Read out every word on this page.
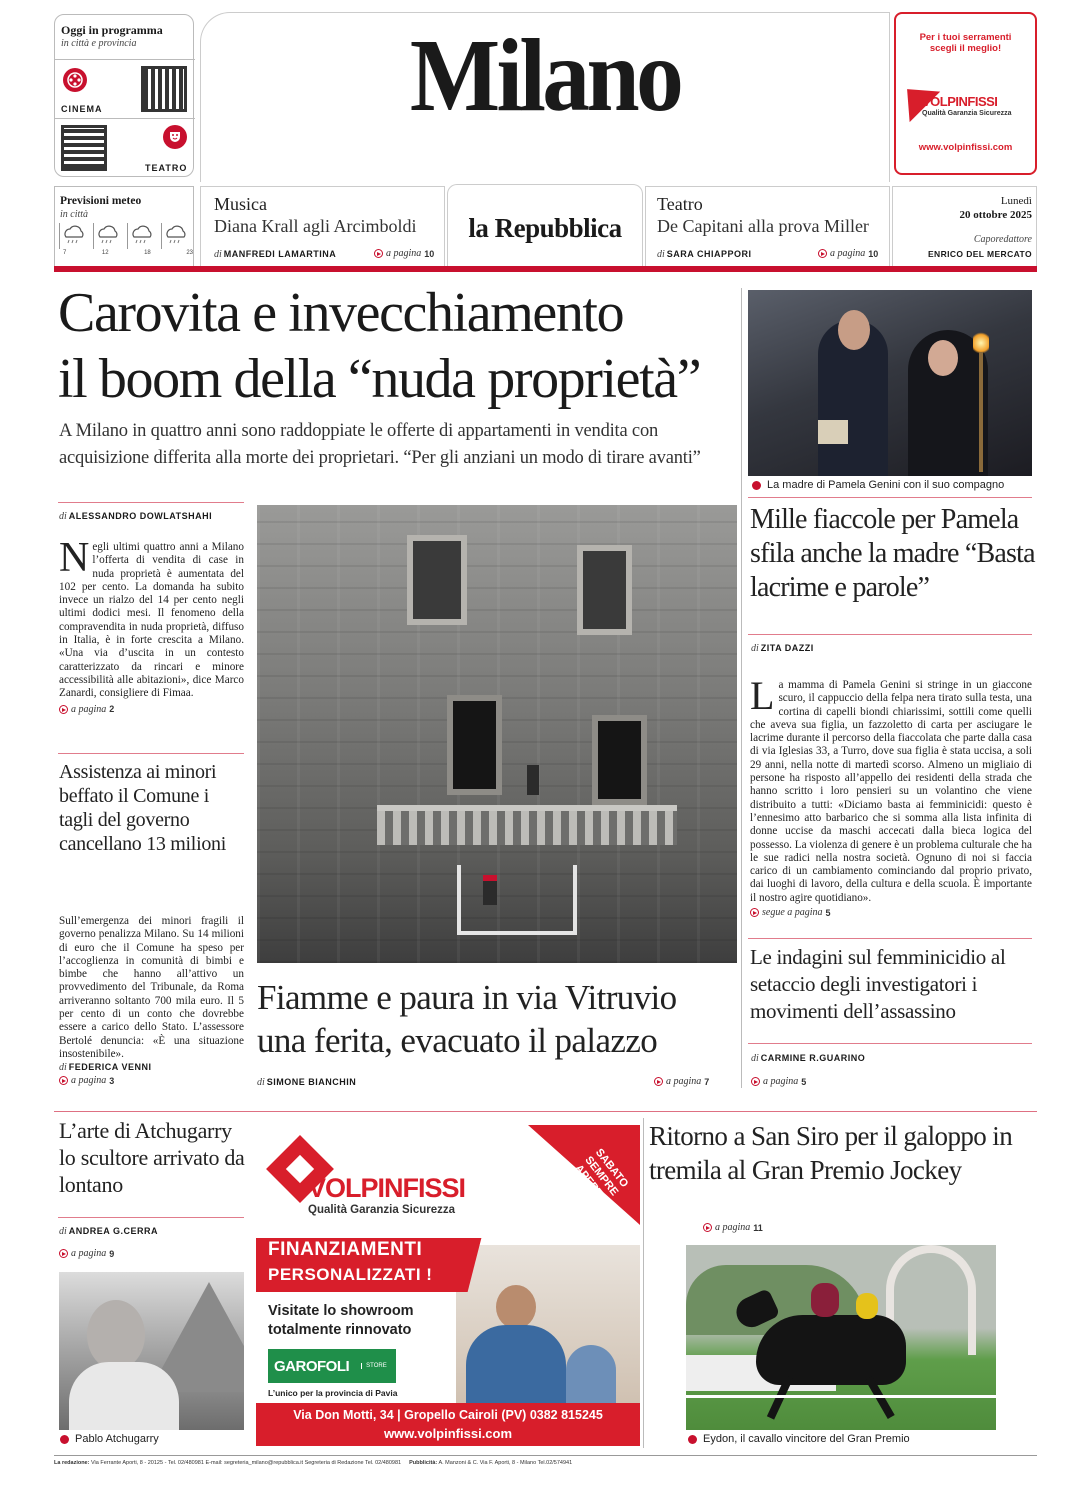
Oggi in programma
in città e provincia
CINEMA
TEATRO
Milano	Per i tuoi serramenti
scegli il meglio!
VOLPINFISSI
Qualità Garanzia Sicurezza
www.volpinfissi.com
Previsioni meteo
in città
7	12	18	23
Musica
Diana Krall agli Arcimboldi
di MANFREDI LAMARTINA	a pagina 10
la Repubblica
Teatro
De Capitani alla prova Miller
di SARA CHIAPPORI	a pagina 10
Lunedì
20 ottobre 2025
Caporedattore
ENRICO DEL MERCATO
Carovita e invecchiamento
il boom della “nuda proprietà”
A Milano in quattro anni sono raddoppiate le offerte di appartamenti in vendita con acquisizione differita alla morte dei proprietari. “Per gli anziani un modo di tirare avanti”
di ALESSANDRO DOWLATSHAHI
Negli ultimi quattro anni a Milano l’offerta di vendita di case in nuda proprietà è aumentata del 102 per cento. La domanda ha subito invece un rialzo del 14 per cento negli ultimi dodici mesi. Il fenomeno della compravendita in nuda proprietà, diffuso in Italia, è in forte crescita a Milano. «Una via d’uscita in un contesto caratterizzato da rincari e minore accessibilità alle abitazioni», dice Marco Zanardi, consigliere di Fimaa.
a pagina 2
Assistenza ai minori beffato il Comune i tagli del governo cancellano 13 milioni
Sull’emergenza dei minori fragili il governo penalizza Milano. Su 14 milioni di euro che il Comune ha speso per l’accoglienza in comunità di bimbi e bimbe che hanno all’attivo un provvedimento del Tribunale, da Roma arriveranno soltanto 700 mila euro. Il 5 per cento di un conto che dovrebbe essere a carico dello Stato. L’assessore Bertolé denuncia: «È una situazione insostenibile».
di FEDERICA VENNI
a pagina 3
Fiamme e paura in via Vitruvio una ferita, evacuato il palazzo
di SIMONE BIANCHIN	a pagina 7
La madre di Pamela Genini con il suo compagno
Mille fiaccole per Pamela sfila anche la madre “Basta lacrime e parole”
di ZITA DAZZI
La mamma di Pamela Genini si stringe in un giaccone scuro, il cappuccio della felpa nera tirato sulla testa, una cortina di capelli biondi chiarissimi, sottili come quelli che aveva sua figlia, un fazzoletto di carta per asciugare le lacrime durante il percorso della fiaccolata che parte dalla casa di via Iglesias 33, a Turro, dove sua figlia è stata uccisa, a soli 29 anni, nella notte di martedì scorso. Almeno un migliaio di persone ha risposto all’appello dei residenti della strada che hanno scritto i loro pensieri su un volantino che viene distribuito a tutti: «Diciamo basta ai femminicidi: questo è l’ennesimo atto barbarico che si somma alla lista infinita di donne uccise da maschi accecati dalla bieca logica del possesso. La violenza di genere è un problema culturale che ha le sue radici nella nostra società. Ognuno di noi si faccia carico di un cambiamento cominciando dal proprio privato, dai luoghi di lavoro, della cultura e della scuola. È importante il nostro agire quotidiano».
segue a pagina 5
Le indagini sul femminicidio al setaccio degli investigatori i movimenti dell’assassino
di CARMINE R.GUARINO
a pagina 5
L’arte di Atchugarry lo scultore arrivato da lontano
di ANDREA G.CERRA
a pagina 9
Pablo Atchugarry
SABATO SEMPRE APERTO
VOLPINFISSI
Qualità Garanzia Sicurezza
FINANZIAMENTI
PERSONALIZZATI !
Visitate lo showroom
totalmente rinnovato
GAROFOLI	STORE
L’unico per la provincia di Pavia
Via Don Motti, 34 | Gropello Cairoli (PV) 0382 815245
www.volpinfissi.com
Ritorno a San Siro per il galoppo in tremila al Gran Premio Jockey
a pagina 11
Eydon, il cavallo vincitore del Gran Premio
La redazione: Via Ferrante Aporti, 8 - 20125 - Tel. 02/480981 E-mail: segreteria_milano@repubblica.it Segreteria di Redazione Tel. 02/480981 Pubblicità: A. Manzoni & C. Via F. Aporti, 8 - Milano Tel.02/574941
